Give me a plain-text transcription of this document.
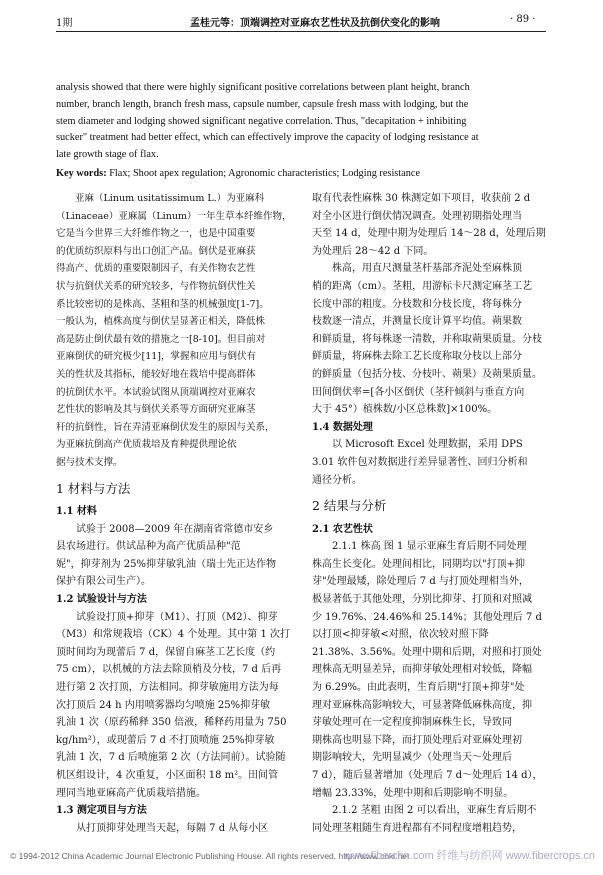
1期	孟桂元等：顶端调控对亚麻农艺性状及抗倒伏变化的影响	· 89 ·
analysis showed that there were highly significant positive correlations between plant height, branch
number, branch length, branch fresh mass, capsule number, capsule fresh mass with lodging, but the
stem diameter and lodging showed significant negative correlation. Thus, "decapitation + inhibiting
sucker" treatment had better effect, which can effectively improve the capacity of lodging resistance at
late growth stage of flax.
Key words: Flax; Shoot apex regulation; Agronomic characteristics; Lodging resistance
亚麻（Linum usitatissimum L.）为亚麻科
（Linaceae）亚麻属（Linum）一年生草本纤维作物，
它是当今世界三大纤维作物之一，也是中国重要
的优质纺织原料与出口创汇产品。倒伏是亚麻获
得高产、优质的重要限制因子，有关作物农艺性
状与抗倒伏关系的研究较多，与作物抗倒伏性关
系比较密切的是株高、茎粗和茎的机械强度[1-7]。
一般认为，植株高度与倒伏呈显著正相关，降低株
高是防止倒伏最有效的措施之一[8-10]。但目前对
亚麻倒伏的研究极少[11]，掌握和应用与倒伏有
关的性状及其指标，能较好地在栽培中提高群体
的抗倒伏水平。本试验试图从顶端调控对亚麻农
艺性状的影响及其与倒伏关系等方面研究亚麻茎
秆的抗倒性，旨在弄清亚麻倒伏发生的原因与关系，
为亚麻抗倒高产优质栽培及育种提供理论依
据与技术支撑。
1 材料与方法
1.1 材料
试验于 2008—2009 年在湖南省常德市安乡
县农场进行。供试品种为高产优质品种"范
妮"，抑芽剂为 25%抑芽敏乳油（瑞士先正达作物
保护有限公司生产）。
1.2 试验设计与方法
试验设打顶+抑芽（M1）、打顶（M2）、抑芽
（M3）和常规栽培（CK）4 个处理。其中第 1 次打
顶时间均为现蕾后 7 d，保留自麻茎工艺长度（约
75 cm），以机械的方法去除顶梢及分枝，7 d 后再
进行第 2 次打顶，方法相同。抑芽敏施用方法为每
次打顶后 24 h 内用喷雾器均匀喷施 25%抑芽敏
乳油 1 次（原药稀释 350 倍液，稀释药用量为 750
kg/hm²），或现蕾后 7 d 不打顶喷施 25%抑芽敏
乳油 1 次，7 d 后喷施第 2 次（方法同前）。试验随
机区组设计，4 次重复，小区面积 18 m²。田间管
理同当地亚麻高产优质栽培措施。
1.3 测定项目与方法
从打顶抑芽处理当天起，每隔 7 d 从每小区
取有代表性麻株 30 株测定如下项目，收获前 2 d
对全小区进行倒伏情况调查。处理初期指处理当
天至 14 d，处理中期为处理后 14～28 d，处理后期
为处理后 28～42 d 下同。
株高，用直尺测量茎杆基部齐泥处至麻株顶
梢的距离（cm）。茎粗，用游标卡尺测定麻茎工艺
长度中部的粗度。分枝数和分枝长度，将每株分
枝数逐一清点，并测量长度计算平均值。蒴果数
和鲜质量，将每株逐一清数，并称取蒴果质量。分枝
鲜质量，将麻株去除工艺长度称取分枝以上部分
的鲜质量（包括分枝、分枝叶、蒴果）及蒴果质量。
田间倒伏率=[各小区倒伏（茎秆倾斜与垂直方向
大于 45°）植株数/小区总株数]×100%。
1.4 数据处理
以 Microsoft Excel 处理数据，采用 DPS
3.01 软件包对数据进行差异显著性、回归分析和
通径分析。
2 结果与分析
2.1 农艺性状
2.1.1 株高 图 1 显示亚麻生育后期不同处理
株高生长变化。处理间相比，同期均以"打顶+抑
芽"处理最矮，除处理后 7 d 与打顶处理相当外，
极显著低于其他处理，分别比抑芽、打顶和对照减
少 19.76%、24.46%和 25.14%；其他处理后 7 d
以打顶<抑芽敏<对照，依次较对照下降
21.38%、3.56%。处理中期和后期，对照和打顶处
理株高无明显差异，而抑芽敏处理相对较低，降幅
为 6.29%。由此表明，生育后期"打顶+抑芽"处
理对亚麻株高影响较大，可显著降低麻株高度，抑
芽敏处理可在一定程度抑制麻株生长，导致同
期株高也明显下降，而打顶处理后对亚麻处理初
期影响较大，先明显减少（处理当天～处理后
7 d），随后显著增加（处理后 7 d～处理后 14 d），
增幅 23.33%，处理中期和后期影响不明显。
2.1.2 茎粗 由图 2 可以看出，亚麻生育后期不
同处理茎粗随生育进程都有不同程度增粗趋势，
© 1994-2012 China Academic Journal Electronic Publishing House. All rights reserved. http://www.cnki.net
www.fiberchn.com 纤维与纺织网 www.fibercrops.cn
